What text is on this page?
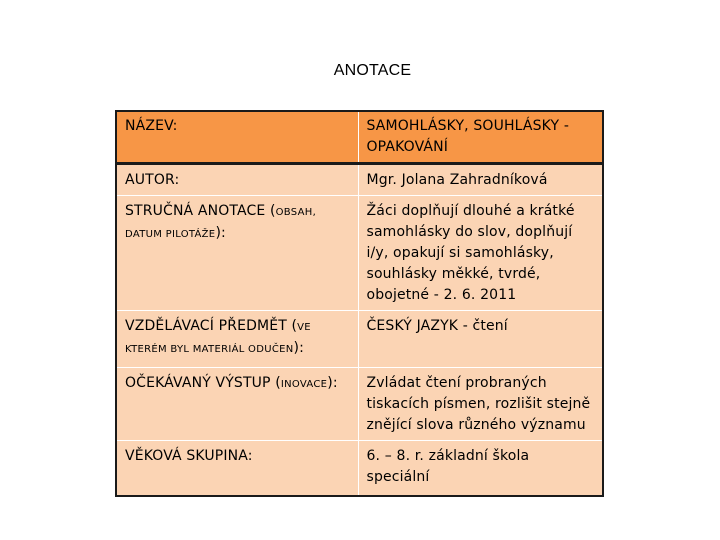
ANOTACE
NÁZEV:	SAMOHLÁSKY, SOUHLÁSKY - OPAKOVÁNÍ
AUTOR:	Mgr. Jolana Zahradníková
STRUČNÁ ANOTACE (OBSAH,
DATUM PILOTÁŽE):	Žáci doplňují dlouhé a krátké samohlásky do slov, doplňují i/y, opakují si samohlásky, souhlásky měkké, tvrdé, obojetné - 2. 6. 2011
VZDĚLÁVACÍ PŘEDMĚT (VE
KTERÉM BYL MATERIÁL ODUČEN):	ČESKÝ JAZYK - čtení
OČEKÁVANÝ VÝSTUP (INOVACE):	Zvládat čtení probraných tiskacích písmen, rozlišit stejně znějící slova různého významu
VĚKOVÁ SKUPINA:	6. – 8. r. základní škola speciální
